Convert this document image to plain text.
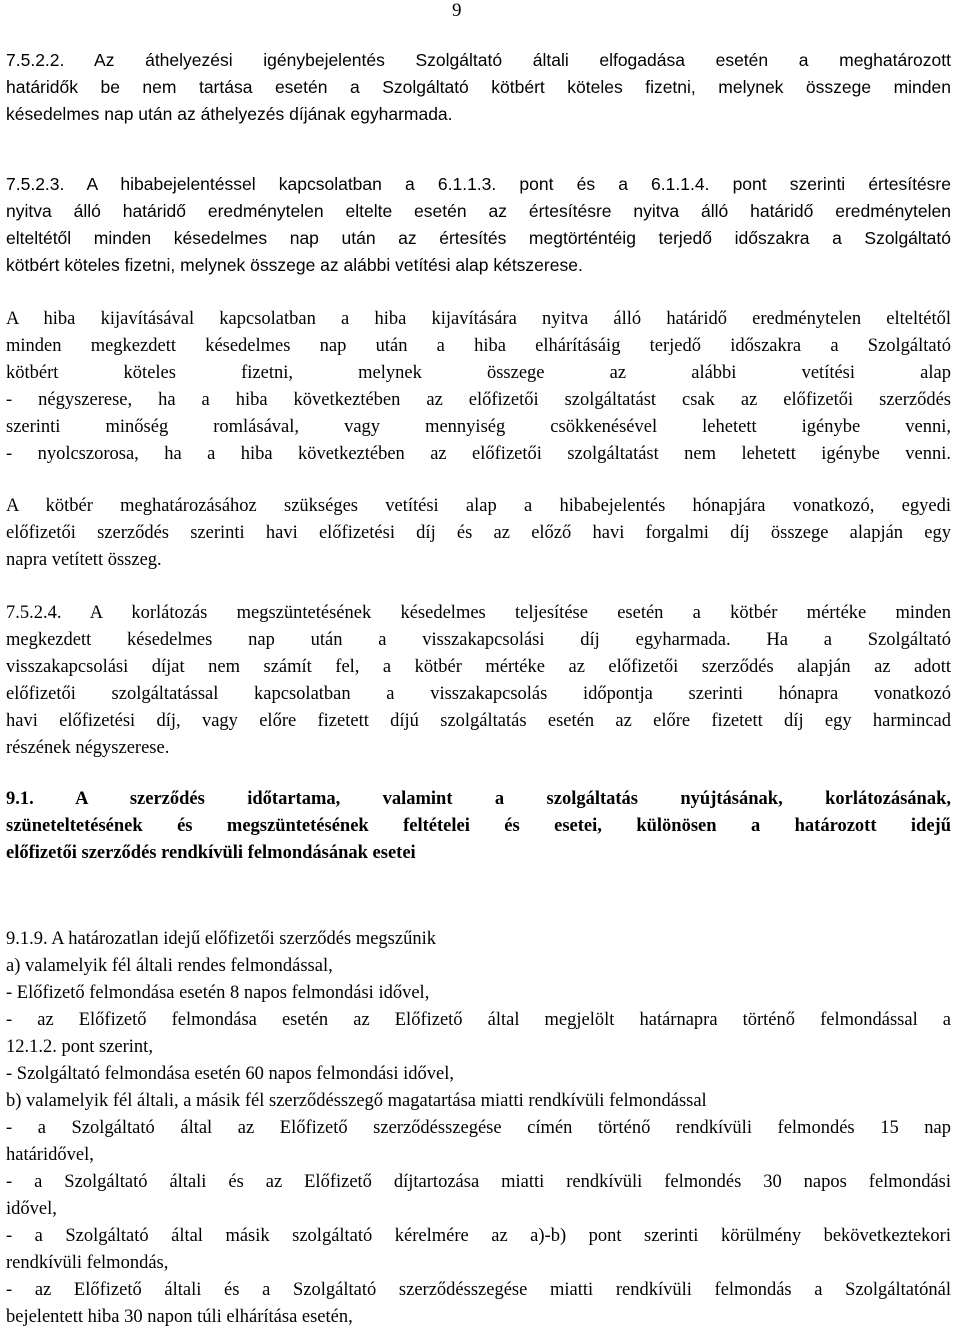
9
7.5.2.2. Az áthelyezési igénybejelentés Szolgáltató általi elfogadása esetén a meghatározott
határidők be nem tartása esetén a Szolgáltató kötbért köteles fizetni, melynek összege minden
késedelmes nap után az áthelyezés díjának egyharmada.
7.5.2.3. A hibabejelentéssel kapcsolatban a 6.1.1.3. pont és a 6.1.1.4. pont szerinti értesítésre
nyitva álló határidő eredménytelen eltelte esetén az értesítésre nyitva álló határidő eredménytelen
elteltétől minden késedelmes nap után az értesítés megtörténtéig terjedő időszakra a Szolgáltató
kötbért köteles fizetni, melynek összege az alábbi vetítési alap kétszerese.
A hiba kijavításával kapcsolatban a hiba kijavítására nyitva álló határidő eredménytelen elteltétől
minden megkezdett késedelmes nap után a hiba elhárításáig terjedő időszakra a Szolgáltató
kötbért köteles fizetni, melynek összege az alábbi vetítési alap
- négyszerese, ha a hiba következtében az előfizetői szolgáltatást csak az előfizetői szerződés
szerinti minőség romlásával, vagy mennyiség csökkenésével lehetett igénybe venni,
- nyolcszorosa, ha a hiba következtében az előfizetői szolgáltatást nem lehetett igénybe venni.
A kötbér meghatározásához szükséges vetítési alap a hibabejelentés hónapjára vonatkozó, egyedi
előfizetői szerződés szerinti havi előfizetési díj és az előző havi forgalmi díj összege alapján egy
napra vetített összeg.
7.5.2.4. A korlátozás megszüntetésének késedelmes teljesítése esetén a kötbér mértéke minden
megkezdett késedelmes nap után a visszakapcsolási díj egyharmada. Ha a Szolgáltató
visszakapcsolási díjat nem számít fel, a kötbér mértéke az előfizetői szerződés alapján az adott
előfizetői szolgáltatással kapcsolatban a visszakapcsolás időpontja szerinti hónapra vonatkozó
havi előfizetési díj, vagy előre fizetett díjú szolgáltatás esetén az előre fizetett díj egy harmincad
részének négyszerese.
9.1. A szerződés időtartama, valamint a szolgáltatás nyújtásának, korlátozásának,
szüneteltetésének és megszüntetésének feltételei és esetei, különösen a határozott idejű
előfizetői szerződés rendkívüli felmondásának esetei
9.1.9. A határozatlan idejű előfizetői szerződés megszűnik
a) valamelyik fél általi rendes felmondással,
- Előfizető felmondása esetén 8 napos felmondási idővel,
- az Előfizető felmondása esetén az Előfizető által megjelölt határnapra történő felmondással a
12.1.2. pont szerint,
- Szolgáltató felmondása esetén 60 napos felmondási idővel,
b) valamelyik fél általi, a másik fél szerződésszegő magatartása miatti rendkívüli felmondással
- a Szolgáltató által az Előfizető szerződésszegése címén történő rendkívüli felmondés 15 nap
határidővel,
- a Szolgáltató általi és az Előfizető díjtartozása miatti rendkívüli felmondés 30 napos felmondási
idővel,
- a Szolgáltató által másik szolgáltató kérelmére az a)-b) pont szerinti körülmény bekövetkeztekori
rendkívüli felmondás,
- az Előfizető általi és a Szolgáltató szerződésszegése miatti rendkívüli felmondás a Szolgáltatónál
bejelentett hiba 30 napon túli elhárítása esetén,
